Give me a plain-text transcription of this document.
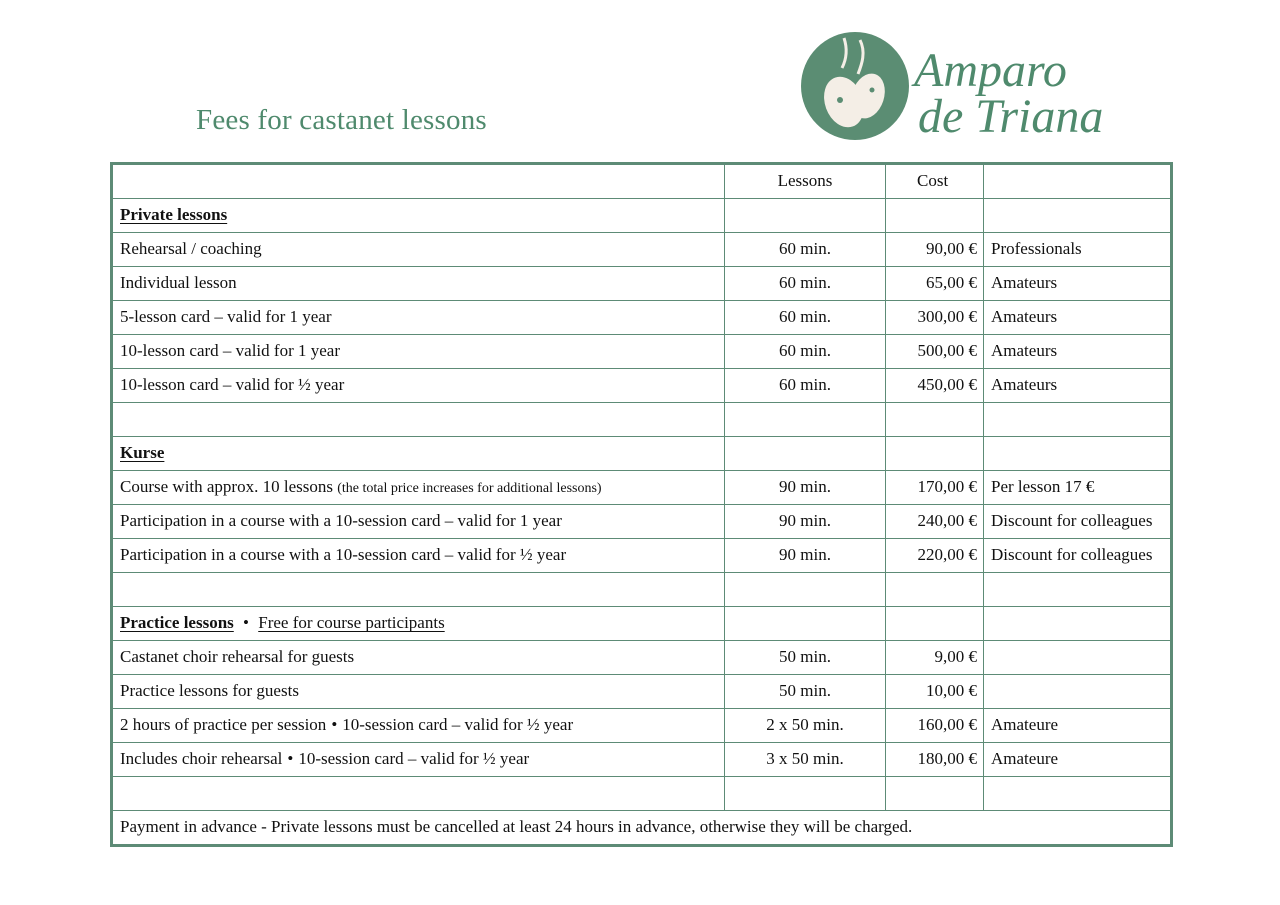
Fees for castanet lessons
Amparo
de Triana
	Lessons	Cost	
Private lessons			
Rehearsal / coaching	60 min.	90,00 €	Professionals
Individual lesson	60 min.	65,00 €	Amateurs
5-lesson card – valid for 1 year	60 min.	300,00 €	Amateurs
10-lesson card – valid for 1 year	60 min.	500,00 €	Amateurs
10-lesson card – valid for ½ year	60 min.	450,00 €	Amateurs

Kurse			
Course with approx. 10 lessons (the total price increases for additional lessons)	90 min.	170,00 €	Per lesson 17 €
Participation in a course with a 10-session card – valid for 1 year	90 min.	240,00 €	Discount for colleagues
Participation in a course with a 10-session card – valid for ½ year	90 min.	220,00 €	Discount for colleagues

Practice lessons • Free for course participants			
Castanet choir rehearsal for guests	50 min.	9,00 €	
Practice lessons for guests	50 min.	10,00 €	
2 hours of practice per session • 10-session card – valid for ½ year	2 x 50 min.	160,00 €	Amateure
Includes choir rehearsal • 10-session card – valid for ½ year	3 x 50 min.	180,00 €	Amateure

Payment in advance - Private lessons must be cancelled at least 24 hours in advance, otherwise they will be charged.			
